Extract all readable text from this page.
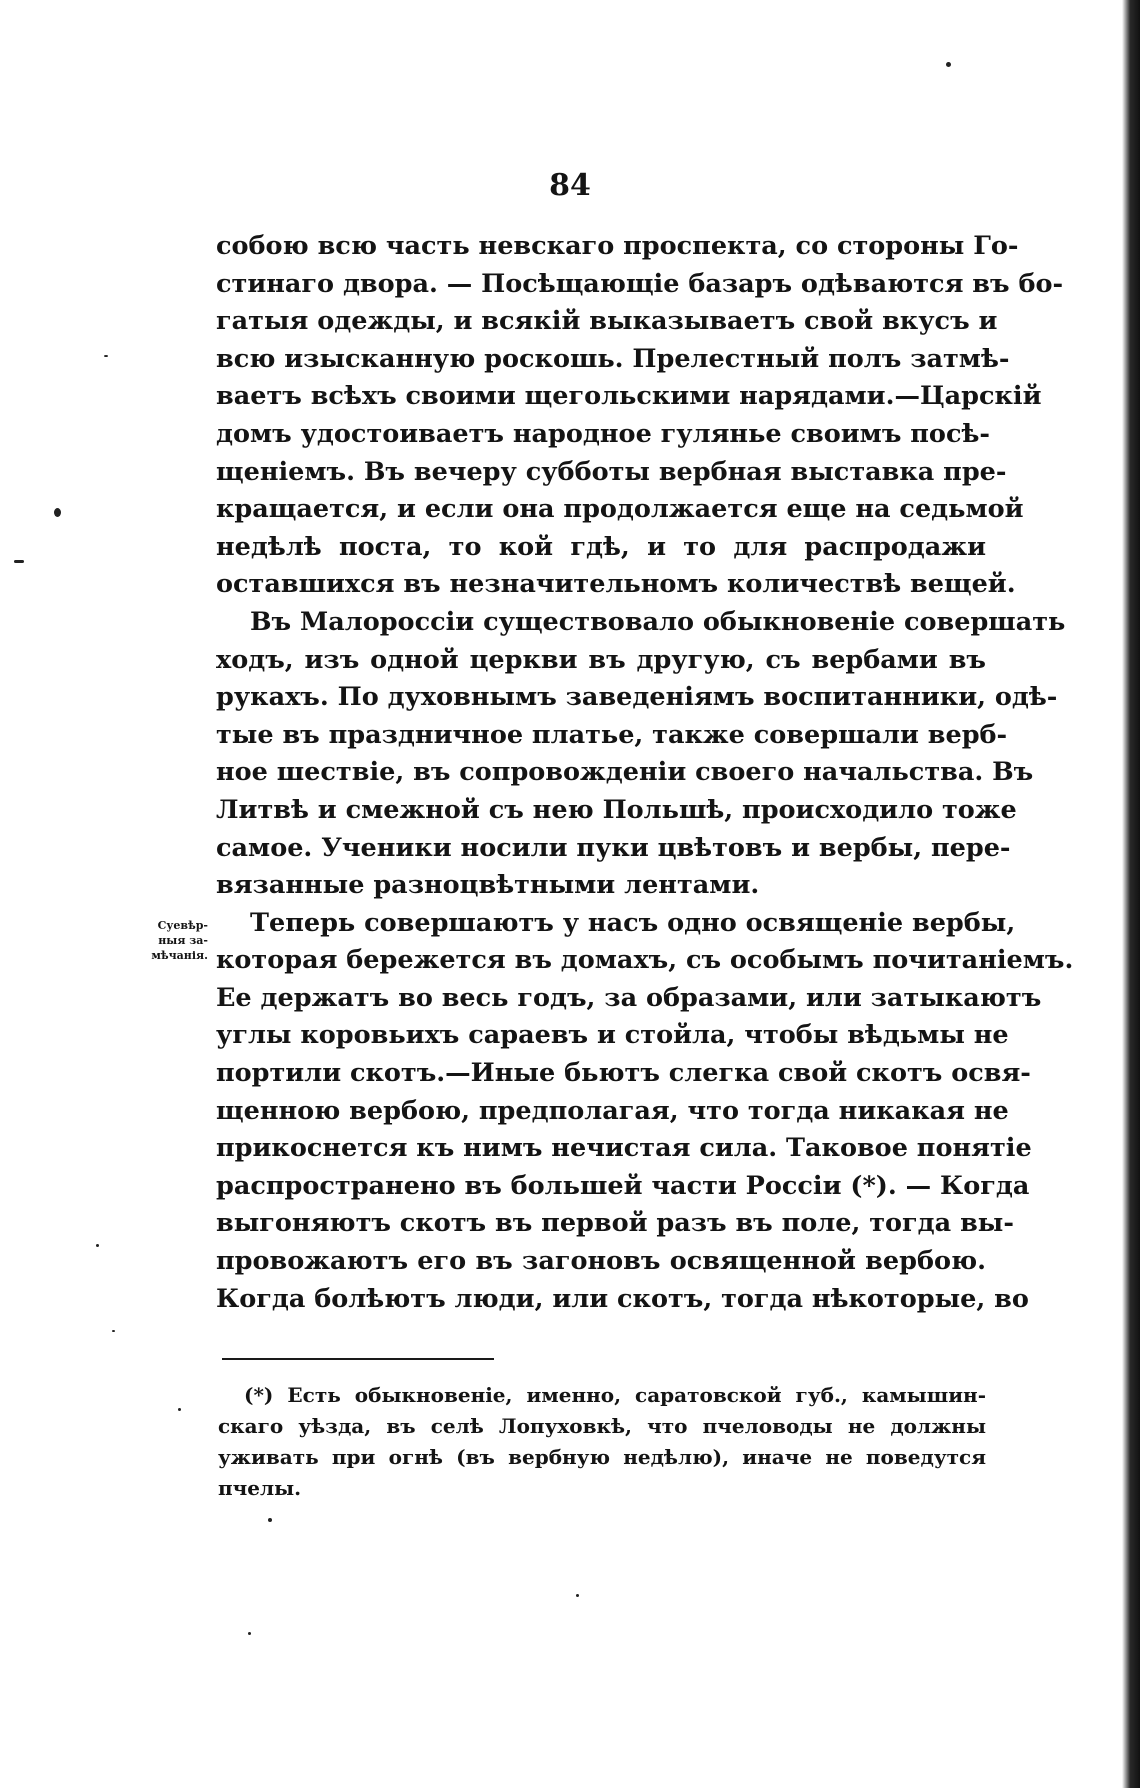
84
собою всю часть невскаго проспекта, со стороны Го-
стинаго двора. — Посѣщающіе базаръ одѣваются въ бо-
гатыя одежды, и всякій выказываетъ свой вкусъ и
всю изысканную роскошь. Прелестный полъ затмѣ-
ваетъ всѣхъ своими щегольскими нарядами.—Царскій
домъ удостоиваетъ народное гулянье своимъ посѣ-
щеніемъ. Въ вечеру субботы вербная выставка пре-
кращается, и если она продолжается еще на седьмой
недѣлѣ поста, то кой гдѣ, и то для распродажи
оставшихся въ незначительномъ количествѣ вещей.
Въ Малороссіи существовало обыкновеніе совершать
ходъ, изъ одной церкви въ другую, съ вербами въ
рукахъ. По духовнымъ заведеніямъ воспитанники, одѣ-
тые въ праздничное платье, также совершали верб-
ное шествіе, въ сопровожденіи своего начальства. Въ
Литвѣ и смежной съ нею Польшѣ, происходило тоже
самое. Ученики носили пуки цвѣтовъ и вербы, пере-
вязанные разноцвѣтными лентами.
Теперь совершаютъ у насъ одно освященіе вербы,
которая бережется въ домахъ, съ особымъ почитаніемъ.
Ее держатъ во весь годъ, за образами, или затыкаютъ
углы коровьихъ сараевъ и стойла, чтобы вѣдьмы не
портили скотъ.—Иные бьютъ слегка свой скотъ освя-
щенною вербою, предполагая, что тогда никакая не
прикоснется къ нимъ нечистая сила. Таковое понятіе
распространено въ большей части Россіи (*). — Когда
выгоняютъ скотъ въ первой разъ въ поле, тогда вы-
провожаютъ его въ загоновъ освященной вербою.
Когда болѣютъ люди, или скотъ, тогда нѣкоторые, во
Суевѣр-
ныя за-
мѣчанія.
(*) Есть обыкновеніе, именно, саратовской губ., камышин-
скаго уѣзда, въ селѣ Лопуховкѣ, что пчеловоды не должны
уживать при огнѣ (въ вербную недѣлю), иначе не поведутся
пчелы.
